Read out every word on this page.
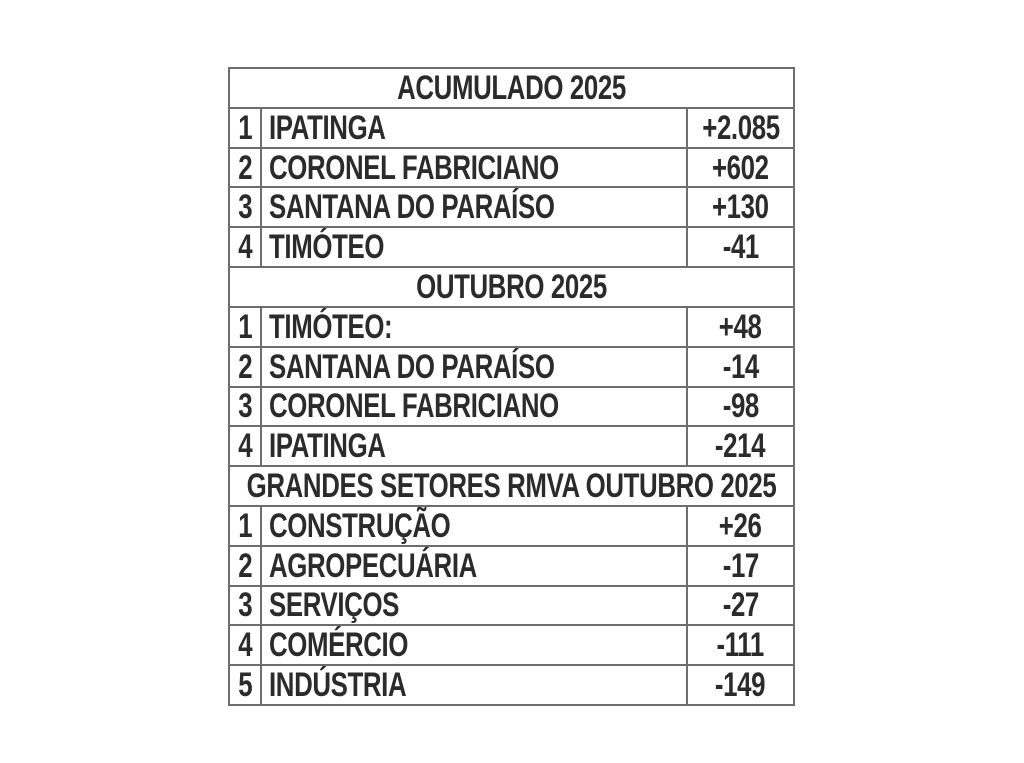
ACUMULADO 2025
1 IPATINGA	+2.085
2 CORONEL FABRICIANO	+602
3 SANTANA DO PARAÍSO	+130
4 TIMÓTEO	-41
OUTUBRO 2025
1 TIMÓTEO:	+48
2 SANTANA DO PARAÍSO	-14
3 CORONEL FABRICIANO	-98
4 IPATINGA	-214
GRANDES SETORES RMVA OUTUBRO 2025
1 CONSTRUÇÃO	+26
2 AGROPECUÁRIA	-17
3 SERVIÇOS	-27
4 COMÉRCIO	-111
5 INDÚSTRIA	-149
